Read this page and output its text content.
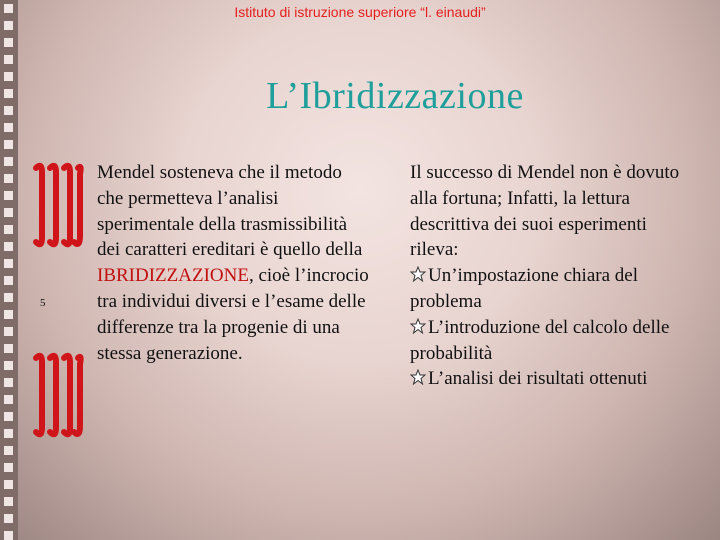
Istituto di istruzione superiore “l. einaudi”
L’Ibridizzazione
5
Mendel sosteneva che il metodo che permetteva l’analisi sperimentale della trasmissibilità dei caratteri ereditari è quello della IBRIDIZZAZIONE, cioè l’incrocio tra individui diversi e l’esame delle differenze tra la progenie di una stessa generazione.
Il successo di Mendel non è dovuto alla fortuna; Infatti, la lettura descrittiva dei suoi esperimenti rileva:
Un’impostazione chiara del problema
L’introduzione del calcolo delle probabilità
L’analisi dei risultati ottenuti
